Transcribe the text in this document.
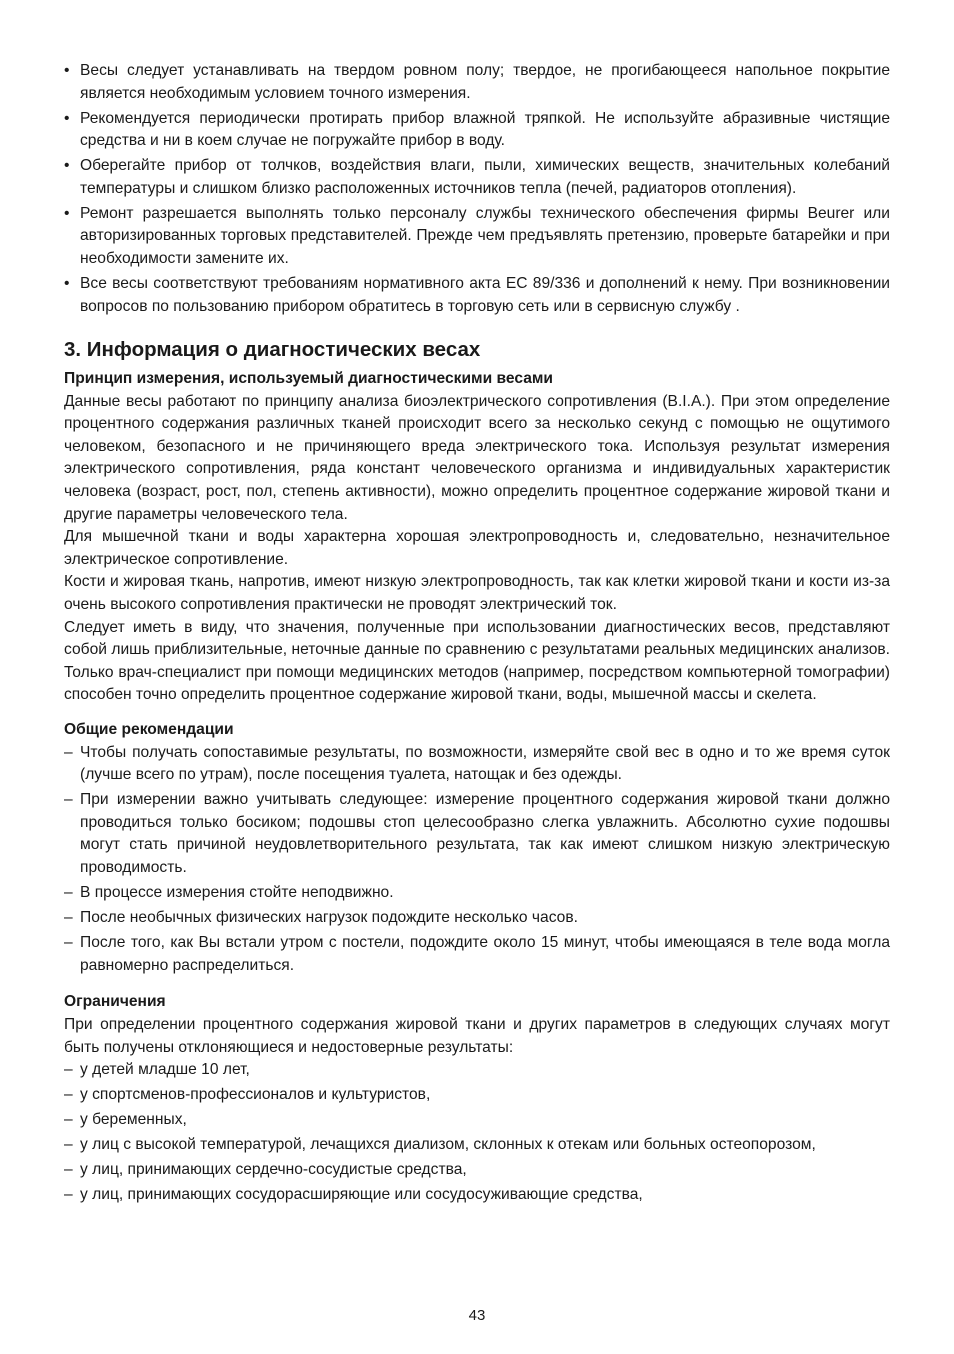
• Весы следует устанавливать на твердом ровном полу; твердое, не прогибающееся напольное покрытие является необходимым условием точного измерения.
• Рекомендуется периодически протирать прибор влажной тряпкой. Не используйте абразивные чистящие средства и ни в коем случае не погружайте прибор в воду.
• Оберегайте прибор от толчков, воздействия влаги, пыли, химических веществ, значительных колебаний температуры и слишком близко расположенных источников тепла (печей, радиаторов отопления).
• Ремонт разрешается выполнять только персоналу службы технического обеспечения фирмы Beurer или авторизированных торговых представителей. Прежде чем предъявлять претензию, проверьте батарейки и при необходимости замените их.
• Все весы соответствуют требованиям нормативного акта ЕС 89/336 и дополнений к нему. При возникновении вопросов по пользованию прибором обратитесь в торговую сеть или в сервисную службу .
3. Информация о диагностических весах
Принцип измерения, используемый диагностическими весами

Данные весы работают по принципу анализа биоэлектрического сопротивления (B.I.A.). При этом определение процентного содержания различных тканей происходит всего за несколько секунд с помощью не ощутимого человеком, безопасного и не причиняющего вреда электрического тока. Используя результат измерения электрического сопротивления, ряда констант человеческого организма и индивидуальных характеристик человека (возраст, рост, пол, степень активности), можно определить процентное содержание жировой ткани и другие параметры человеческого тела.

Для мышечной ткани и воды характерна хорошая электропроводность и, следовательно, незначительное электрическое сопротивление.

Кости и жировая ткань, напротив, имеют низкую электропроводность, так как клетки жировой ткани и кости из-за очень высокого сопротивления практически не проводят электрический ток.

Следует иметь в виду, что значения, полученные при использовании диагностических весов, представляют собой лишь приблизительные, неточные данные по сравнению с результатами реальных медицинских анализов. Только врач-специалист при помощи медицинских методов (например, посредством компьютерной томографии) способен точно определить процентное содержание жировой ткани, воды, мышечной массы и скелета.

Общие рекомендации
– Чтобы получать сопоставимые результаты, по возможности, измеряйте свой вес в одно и то же время суток (лучше всего по утрам), после посещения туалета, натощак и без одежды.
– При измерении важно учитывать следующее: измерение процентного содержания жировой ткани должно проводиться только босиком; подошвы стоп целесообразно слегка увлажнить. Абсолютно сухие подошвы могут стать причиной неудовлетворительного результата, так как имеют слишком низкую электрическую проводимость.
– В процессе измерения стойте неподвижно.
– После необычных физических нагрузок подождите несколько часов.
– После того, как Вы встали утром с постели, подождите около 15 минут, чтобы имеющаяся в теле вода могла равномерно распределиться.
Ограничения

При определении процентного содержания жировой ткани и других параметров в следующих случаях могут быть получены отклоняющиеся и недостоверные результаты:

– у детей младше 10 лет,
– у спортсменов-профессионалов и культуристов,
– у беременных,
– у лиц с высокой температурой, лечащихся диализом, склонных к отекам или больных остеопорозом,
– у лиц, принимающих сердечно-сосудистые средства,
– у лиц, принимающих сосудорасширяющие или сосудосуживающие средства,
43
